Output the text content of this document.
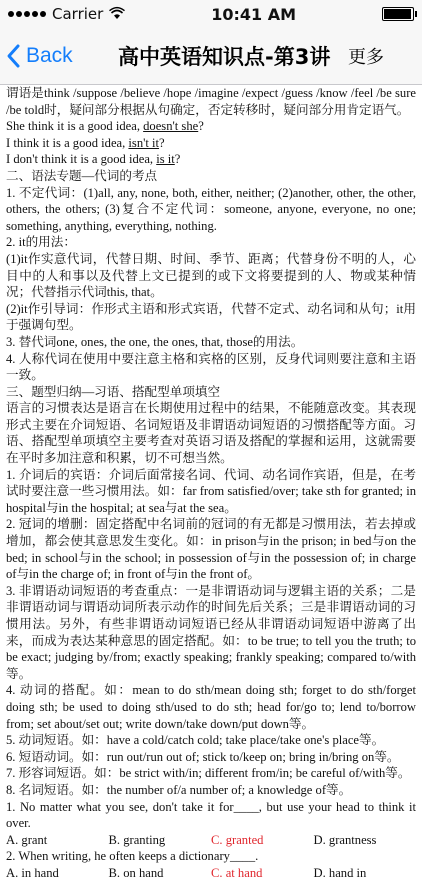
Carrier	10:41 AM
Back 高中英语知识点-第3讲 更多

谓语是think /suppose /believe /hope /imagine /expect /guess /know /feel /be sure /be told时，疑问部分根据从句确定，否定转移时，疑问部分用肯定语气。

She think it is a good idea, doesn't she?

I think it is a good idea, isn't it?

I don't think it is a good idea, is it?

二、语法专题—代词的考点

1. 不定代词：(1)all, any, none, both, either, neither; (2)another, other, the other, others, the others; (3)复合不定代词：someone, anyone, everyone, no one; something, anything, everything, nothing.

2. it的用法：

(1)it作实意代词，代替日期、时间、季节、距离；代替身份不明的人，心目中的人和事以及代替上文已提到的或下文将要提到的人、物或某种情况；代替指示代词this, that。

(2)it作引导词：作形式主语和形式宾语，代替不定式、动名词和从句；it用于强调句型。

3. 替代词one, ones, the one, the ones, that, those的用法。

4. 人称代词在使用中要注意主格和宾格的区别，反身代词则要注意和主语一致。

三、题型归纳—习语、搭配型单项填空

语言的习惯表达是语言在长期使用过程中的结果，不能随意改变。其表现形式主要在介词短语、名词短语及非谓语动词短语的习惯搭配等方面。习语、搭配型单项填空主要考查对英语习语及搭配的掌握和运用，这就需要在平时多加注意和积累，切不可想当然。

1. 介词后的宾语：介词后面常接名词、代词、动名词作宾语，但是，在考试时要注意一些习惯用法。如：far from satisfied/over; take sth for granted; in hospital与in the hospital; at sea与at the sea。

2. 冠词的增删：固定搭配中名词前的冠词的有无都是习惯用法，若去掉或增加，都会使其意思发生变化。如：in prison与in the prison; in bed与on the bed; in school与in the school; in possession of与in the possession of; in charge of与in the charge of; in front of与in the front of。

3. 非谓语动词短语的考查重点：一是非谓语动词与逻辑主语的关系；二是非谓语动词与谓语动词所表示动作的时间先后关系；三是非谓语动词的习惯用法。另外，有些非谓语动词短语已经从非谓语动词短语中游离了出来，而成为表达某种意思的固定搭配。如：to be true; to tell you the truth; to be exact; judging by/from; exactly speaking; frankly speaking; compared to/with等。

4. 动词的搭配。如：mean to do sth/mean doing sth; forget to do sth/forget doing sth; be used to doing sth/used to do sth; head for/go to; lend to/borrow from; set about/set out; write down/take down/put down等。

5. 动词短语。如：have a cold/catch cold; take place/take one's place等。

6. 短语动词。如：run out/run out of; stick to/keep on; bring in/bring on等。

7. 形容词短语。如：be strict with/in; different from/in; be careful of/with等。

8. 名词短语。如：the number of/a number of; a knowledge of等。

1. No matter what you see, don't take it for____, but use your head to think it over.

A. grant	B. granting	C. granted	D. grantness

2. When writing, he often keeps a dictionary____.

A. in hand	B. on hand	C. at hand	D. hand in
